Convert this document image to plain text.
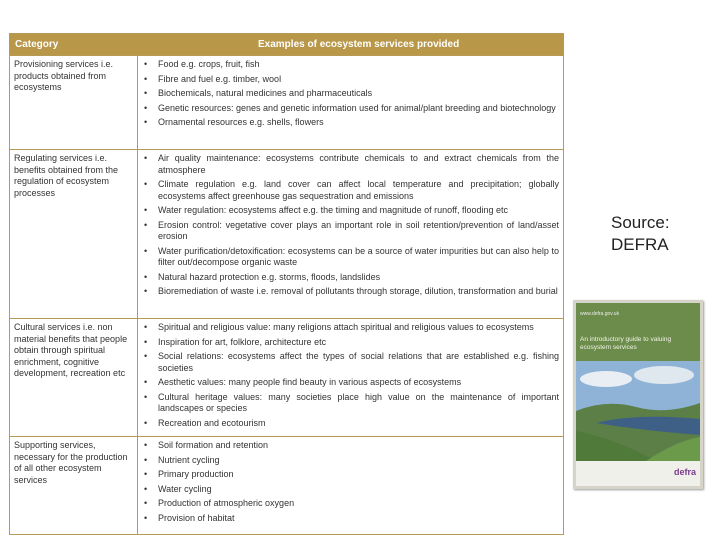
Category	Examples of ecosystem services provided
Provisioning services i.e. products obtained from ecosystems
• Food e.g. crops, fruit, fish
• Fibre and fuel e.g. timber, wool
• Biochemicals, natural medicines and pharmaceuticals
• Genetic resources: genes and genetic information used for animal/plant breeding and biotechnology
• Ornamental resources e.g. shells, flowers
Regulating services i.e. benefits obtained from the regulation of ecosystem processes
• Air quality maintenance: ecosystems contribute chemicals to and extract chemicals from the atmosphere
• Climate regulation e.g. land cover can affect local temperature and precipitation; globally ecosystems affect greenhouse gas sequestration and emissions
• Water regulation: ecosystems affect e.g. the timing and magnitude of runoff, flooding etc
• Erosion control: vegetative cover plays an important role in soil retention/prevention of land/asset erosion
• Water purification/detoxification: ecosystems can be a source of water impurities but can also help to filter out/decompose organic waste
• Natural hazard protection e.g. storms, floods, landslides
• Bioremediation of waste i.e. removal of pollutants through storage, dilution, transformation and burial
Cultural services i.e. non material benefits that people obtain through spiritual enrichment, cognitive development, recreation etc
• Spiritual and religious value: many religions attach spiritual and religious values to ecosystems
• Inspiration for art, folklore, architecture etc
• Social relations: ecosystems affect the types of social relations that are established e.g. fishing societies
• Aesthetic values: many people find beauty in various aspects of ecosystems
• Cultural heritage values: many societies place high value on the maintenance of important landscapes or species
• Recreation and ecotourism
Supporting services, necessary for the production of all other ecosystem services
• Soil formation and retention
• Nutrient cycling
• Primary production
• Water cycling
• Production of atmospheric oxygen
• Provision of habitat
Source:
DEFRA
www.defra.gov.uk
An introductory guide to valuing ecosystem services
defra
